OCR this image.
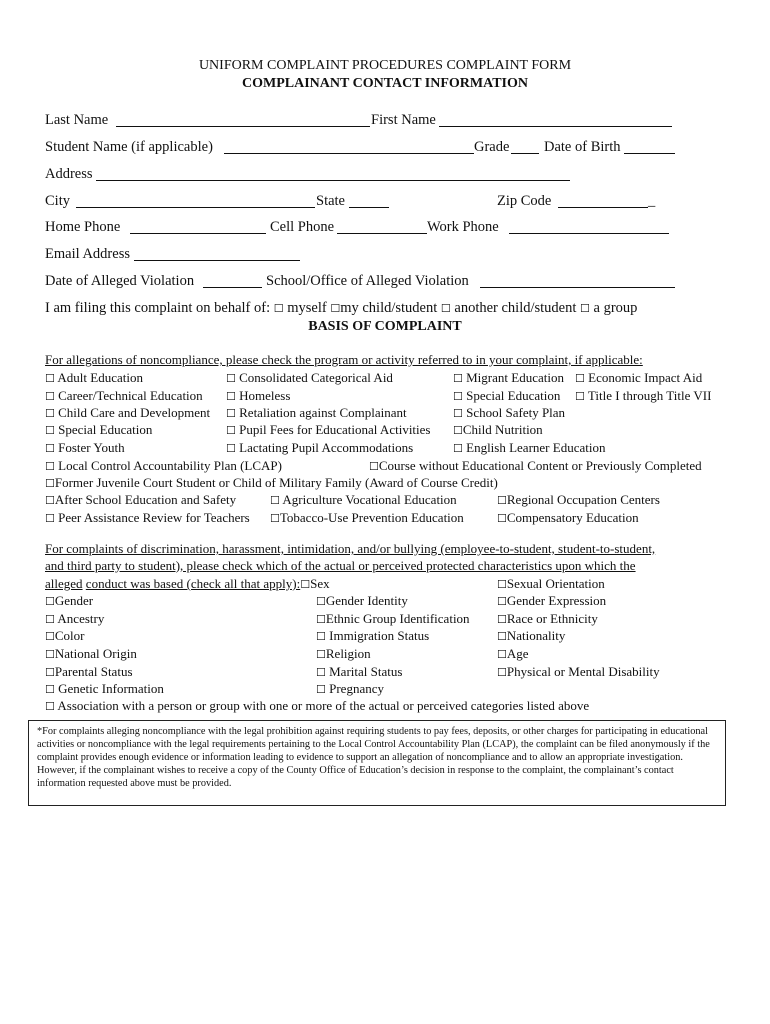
UNIFORM COMPLAINT PROCEDURES COMPLAINT FORM
COMPLAINANT CONTACT INFORMATION
Last Name	First Name
Student Name (if applicable)	Grade Date of Birth
Address
City	State	Zip Code	_
Home Phone	Cell Phone	Work Phone
Email Address
Date of Alleged Violation	School/Office of Alleged Violation
I am filing this complaint on behalf of: ☐ myself ☐my child/student ☐ another child/student ☐ a group
BASIS OF COMPLAINT
For allegations of noncompliance, please check the program or activity referred to in your complaint, if applicable:
☐ Adult Education	☐ Consolidated Categorical Aid	☐ Migrant Education ☐ Economic Impact Aid
☐ Career/Technical Education ☐ Homeless	☐ Special Education ☐ Title I through Title VII
☐ Child Care and Development ☐ Retaliation against Complainant	☐ School Safety Plan
☐ Special Education	☐ Pupil Fees for Educational Activities ☐Child Nutrition
☐ Foster Youth	☐ Lactating Pupil Accommodations	☐ English Learner Education
☐ Local Control Accountability Plan (LCAP)	☐Course without Educational Content or Previously Completed
☐Former Juvenile Court Student or Child of Military Family (Award of Course Credit)
☐After School Education and Safety	☐ Agriculture Vocational Education	☐Regional Occupation Centers
☐ Peer Assistance Review for Teachers ☐Tobacco-Use Prevention Education	☐Compensatory Education
For complaints of discrimination, harassment, intimidation, and/or bullying (employee-to-student, student-to-student,
and third party to student), please check which of the actual or perceived protected characteristics upon which the
alleged conduct was based (check all that apply):☐Sex	☐Sexual Orientation
☐Gender	☐Gender Identity	☐Gender Expression
☐ Ancestry	☐Ethnic Group Identification ☐Race or Ethnicity
☐Color	☐ Immigration Status	☐Nationality
☐National Origin	☐Religion	☐Age
☐Parental Status	☐ Marital Status	☐Physical or Mental Disability
☐ Genetic Information	☐ Pregnancy
☐ Association with a person or group with one or more of the actual or perceived categories listed above
*For complaints alleging noncompliance with the legal prohibition against requiring students to pay fees, deposits, or other charges for participating in educational activities or noncompliance with the legal requirements pertaining to the Local Control Accountability Plan (LCAP), the complaint can be filed anonymously if the complaint provides enough evidence or information leading to evidence to support an allegation of noncompliance and to allow an appropriate investigation. However, if the complainant wishes to receive a copy of the County Office of Education’s decision in response to the complaint, the complainant’s contact information requested above must be provided.
